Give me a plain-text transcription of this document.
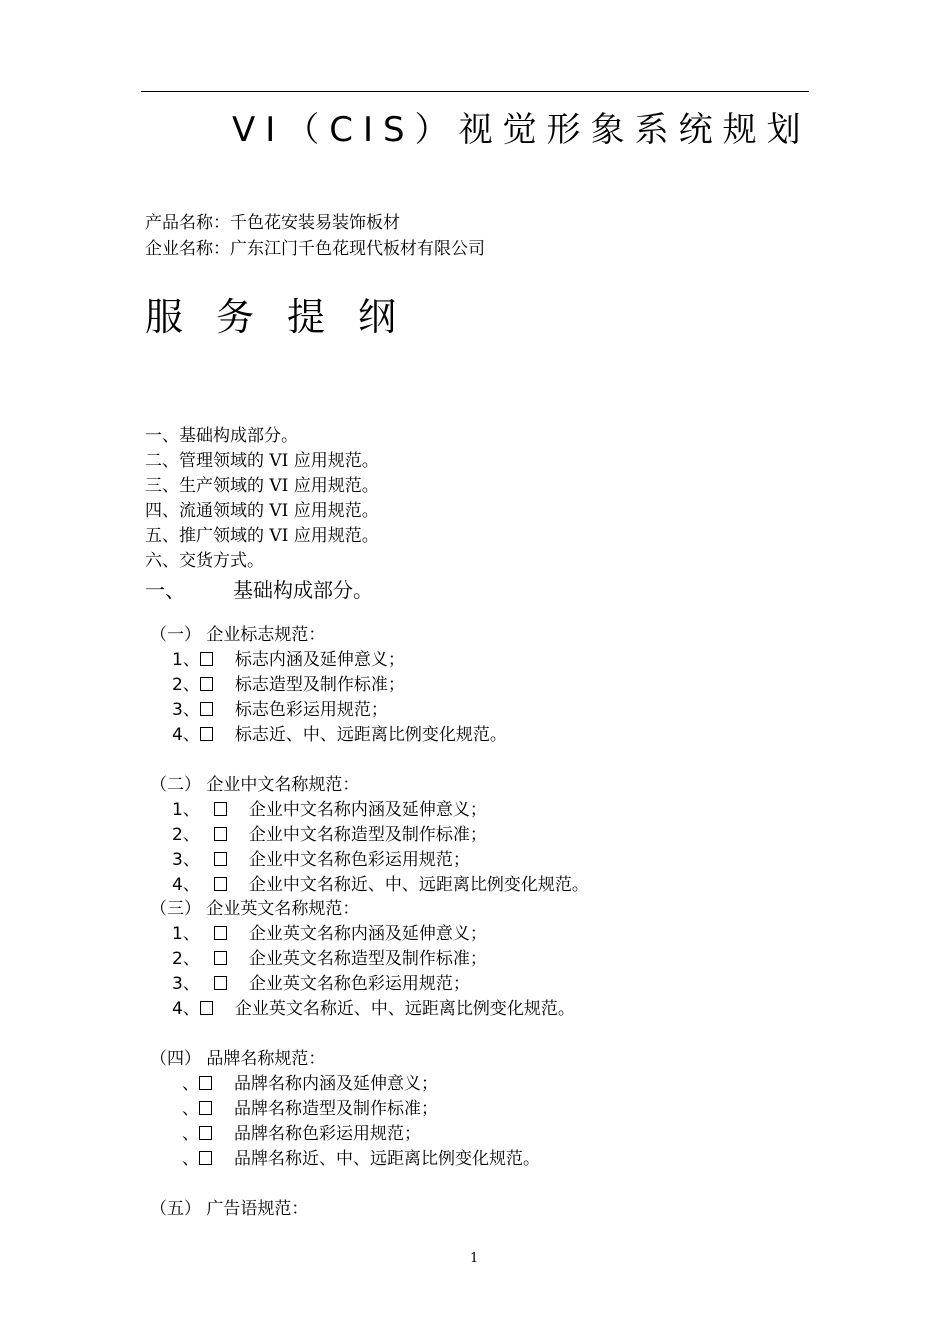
VI（CIS）视觉形象系统规划
产品名称：千色花安装易装饰板材
企业名称：广东江门千色花现代板材有限公司
服务提纲
一、基础构成部分。
二、管理领域的 VI 应用规范。
三、生产领域的 VI 应用规范。
四、流通领域的 VI 应用规范。
五、推广领域的 VI 应用规范。
六、交货方式。
一、 基础构成部分。
（一） 企业标志规范：
1、 标志内涵及延伸意义；
2、 标志造型及制作标准；
3、 标志色彩运用规范；
4、 标志近、中、远距离比例变化规范。
（二） 企业中文名称规范：
1、	企业中文名称内涵及延伸意义；
2、	企业中文名称造型及制作标准；
3、	企业中文名称色彩运用规范；
4、	企业中文名称近、中、远距离比例变化规范。
（三） 企业英文名称规范：
1、	企业英文名称内涵及延伸意义；
2、	企业英文名称造型及制作标准；
3、	企业英文名称色彩运用规范；
4、 企业英文名称近、中、远距离比例变化规范。
（四） 品牌名称规范：
、 品牌名称内涵及延伸意义；
、 品牌名称造型及制作标准；
、 品牌名称色彩运用规范；
、 品牌名称近、中、远距离比例变化规范。
（五） 广告语规范：
1
